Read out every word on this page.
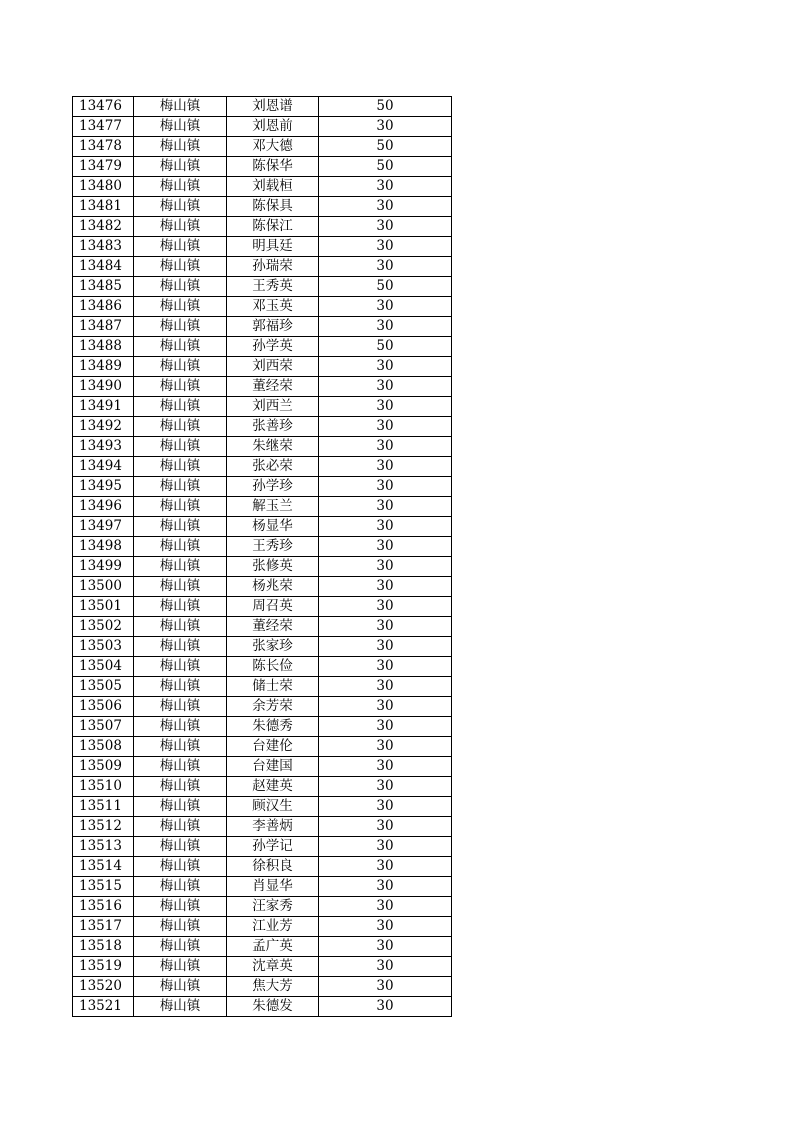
13476	梅山镇	刘恩谱	50
13477	梅山镇	刘恩前	30
13478	梅山镇	邓大德	50
13479	梅山镇	陈保华	50
13480	梅山镇	刘载桓	30
13481	梅山镇	陈保具	30
13482	梅山镇	陈保江	30
13483	梅山镇	明具廷	30
13484	梅山镇	孙瑞荣	30
13485	梅山镇	王秀英	50
13486	梅山镇	邓玉英	30
13487	梅山镇	郭福珍	30
13488	梅山镇	孙学英	50
13489	梅山镇	刘西荣	30
13490	梅山镇	董经荣	30
13491	梅山镇	刘西兰	30
13492	梅山镇	张善珍	30
13493	梅山镇	朱继荣	30
13494	梅山镇	张必荣	30
13495	梅山镇	孙学珍	30
13496	梅山镇	解玉兰	30
13497	梅山镇	杨显华	30
13498	梅山镇	王秀珍	30
13499	梅山镇	张修英	30
13500	梅山镇	杨兆荣	30
13501	梅山镇	周召英	30
13502	梅山镇	董经荣	30
13503	梅山镇	张家珍	30
13504	梅山镇	陈长俭	30
13505	梅山镇	储士荣	30
13506	梅山镇	余芳荣	30
13507	梅山镇	朱德秀	30
13508	梅山镇	台建伦	30
13509	梅山镇	台建国	30
13510	梅山镇	赵建英	30
13511	梅山镇	顾汉生	30
13512	梅山镇	李善炳	30
13513	梅山镇	孙学记	30
13514	梅山镇	徐积良	30
13515	梅山镇	肖显华	30
13516	梅山镇	汪家秀	30
13517	梅山镇	江业芳	30
13518	梅山镇	孟广英	30
13519	梅山镇	沈章英	30
13520	梅山镇	焦大芳	30
13521	梅山镇	朱德发	30
